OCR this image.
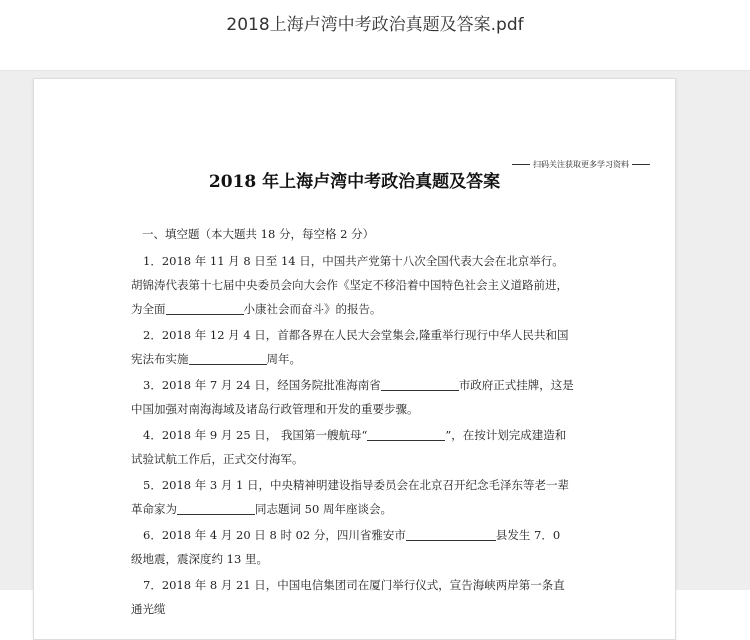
2018上海卢湾中考政治真题及答案.pdf
扫码关注获取更多学习资料
2018 年上海卢湾中考政治真题及答案
一、填空题（本大题共 18 分，每空格 2 分）
1．2018 年 11 月 8 日至 14 日，中国共产党第十八次全国代表大会在北京举行。胡锦涛代表第十七届中央委员会向大会作《坚定不移沿着中国特色社会主义道路前进，为全面	小康社会而奋斗》的报告。
2．2018 年 12 月 4 日，首都各界在人民大会堂集会,隆重举行现行中华人民共和国宪法布实施	周年。
3．2018 年 7 月 24 日，经国务院批准海南省	市政府正式挂牌，这是中国加强对南海海域及诸岛行政管理和开发的重要步骤。
4．2018 年 9 月 25 日， 我国第一艘航母“	”，在按计划完成建造和试验试航工作后，正式交付海军。
5．2018 年 3 月 1 日，中央精神明建设指导委员会在北京召开纪念毛泽东等老一辈革命家为	同志题词 50 周年座谈会。
6．2018 年 4 月 20 日 8 时 02 分，四川省雅安市	县发生 7．0 级地震，震深度约 13 里。
7．2018 年 8 月 21 日，中国电信集团司在厦门举行仪式，宣告海峡两岸第一条直通光缆
